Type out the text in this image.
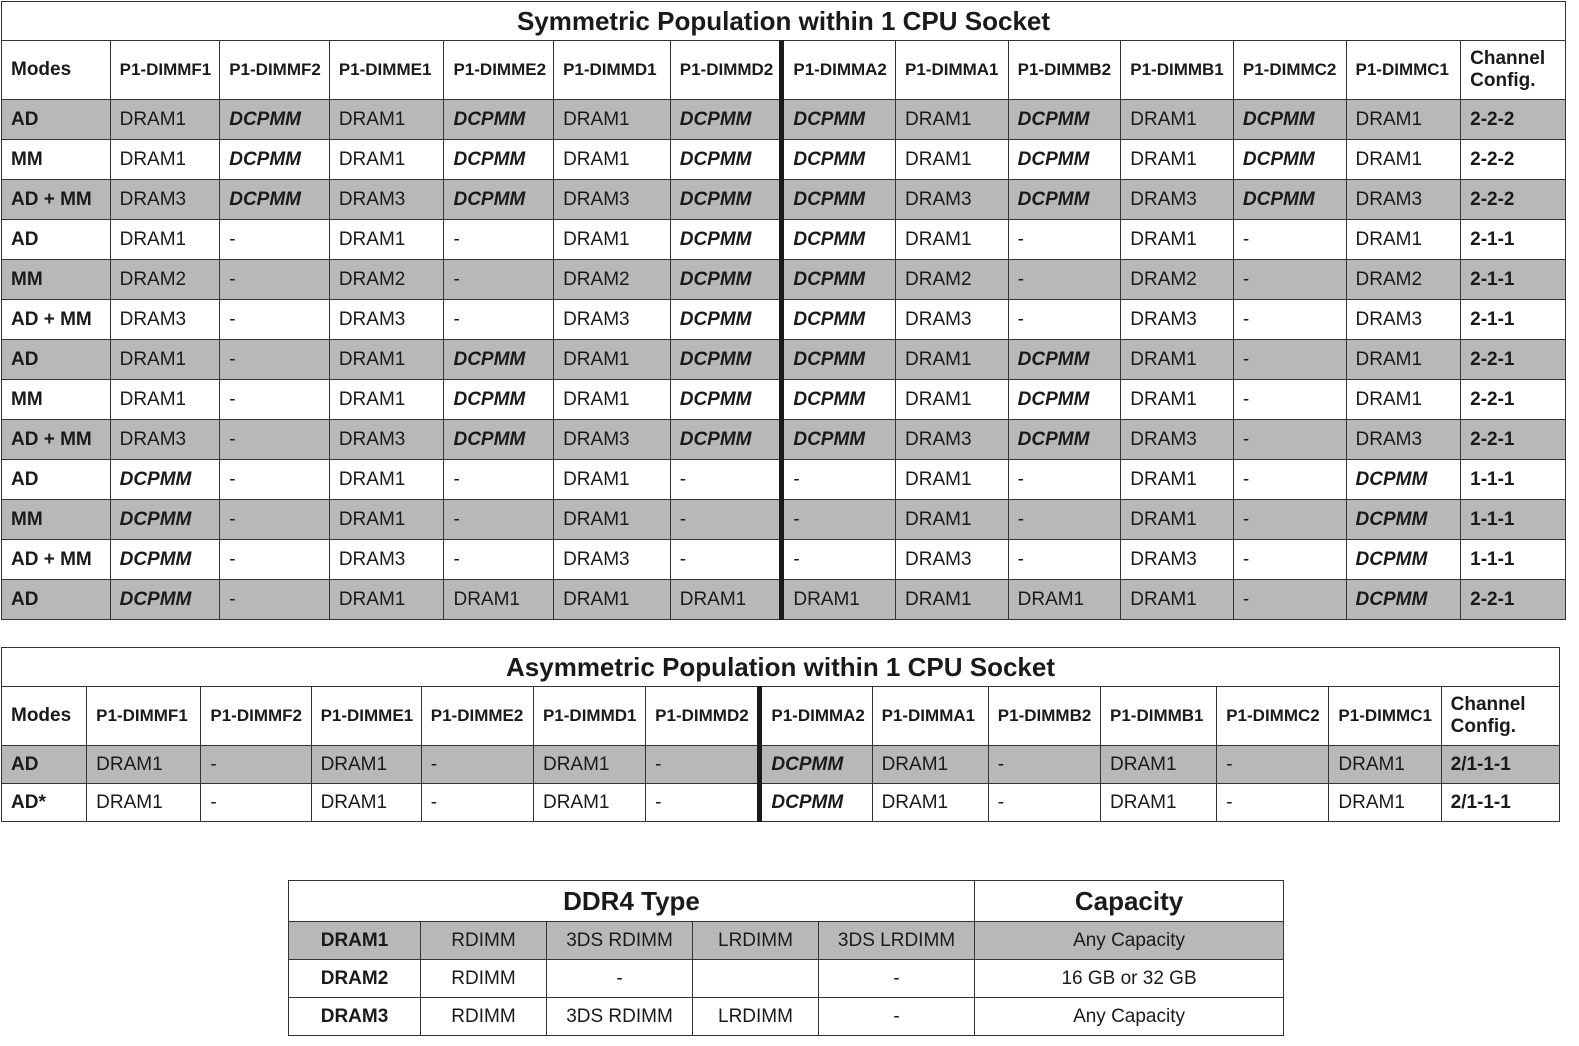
Symmetric Population within 1 CPU Socket													
Modes	P1-DIMMF1	P1-DIMMF2	P1-DIMME1	P1-DIMME2	P1-DIMMD1	P1-DIMMD2	P1-DIMMA2	P1-DIMMA1	P1-DIMMB2	P1-DIMMB1	P1-DIMMC2	P1-DIMMC1	Channel Config.
AD	DRAM1	DCPMM	DRAM1	DCPMM	DRAM1	DCPMM	DCPMM	DRAM1	DCPMM	DRAM1	DCPMM	DRAM1	2-2-2
MM	DRAM1	DCPMM	DRAM1	DCPMM	DRAM1	DCPMM	DCPMM	DRAM1	DCPMM	DRAM1	DCPMM	DRAM1	2-2-2
AD + MM	DRAM3	DCPMM	DRAM3	DCPMM	DRAM3	DCPMM	DCPMM	DRAM3	DCPMM	DRAM3	DCPMM	DRAM3	2-2-2
AD	DRAM1	-	DRAM1	-	DRAM1	DCPMM	DCPMM	DRAM1	-	DRAM1	-	DRAM1	2-1-1
MM	DRAM2	-	DRAM2	-	DRAM2	DCPMM	DCPMM	DRAM2	-	DRAM2	-	DRAM2	2-1-1
AD + MM	DRAM3	-	DRAM3	-	DRAM3	DCPMM	DCPMM	DRAM3	-	DRAM3	-	DRAM3	2-1-1
AD	DRAM1	-	DRAM1	DCPMM	DRAM1	DCPMM	DCPMM	DRAM1	DCPMM	DRAM1	-	DRAM1	2-2-1
MM	DRAM1	-	DRAM1	DCPMM	DRAM1	DCPMM	DCPMM	DRAM1	DCPMM	DRAM1	-	DRAM1	2-2-1
AD + MM	DRAM3	-	DRAM3	DCPMM	DRAM3	DCPMM	DCPMM	DRAM3	DCPMM	DRAM3	-	DRAM3	2-2-1
AD	DCPMM	-	DRAM1	-	DRAM1	-	-	DRAM1	-	DRAM1	-	DCPMM	1-1-1
MM	DCPMM	-	DRAM1	-	DRAM1	-	-	DRAM1	-	DRAM1	-	DCPMM	1-1-1
AD + MM	DCPMM	-	DRAM3	-	DRAM3	-	-	DRAM3	-	DRAM3	-	DCPMM	1-1-1
AD	DCPMM	-	DRAM1	DRAM1	DRAM1	DRAM1	DRAM1	DRAM1	DRAM1	DRAM1	-	DCPMM	2-2-1
Asymmetric Population within 1 CPU Socket													
Modes	P1-DIMMF1	P1-DIMMF2	P1-DIMME1	P1-DIMME2	P1-DIMMD1	P1-DIMMD2	P1-DIMMA2	P1-DIMMA1	P1-DIMMB2	P1-DIMMB1	P1-DIMMC2	P1-DIMMC1	Channel Config.
AD	DRAM1	-	DRAM1	-	DRAM1	-	DCPMM	DRAM1	-	DRAM1	-	DRAM1	2/1-1-1
AD*	DRAM1	-	DRAM1	-	DRAM1	-	DCPMM	DRAM1	-	DRAM1	-	DRAM1	2/1-1-1
DDR4 Type					Capacity
DRAM1	RDIMM	3DS RDIMM	LRDIMM	3DS LRDIMM	Any Capacity
DRAM2	RDIMM	-		-	16 GB or 32 GB
DRAM3	RDIMM	3DS RDIMM	LRDIMM	-	Any Capacity
